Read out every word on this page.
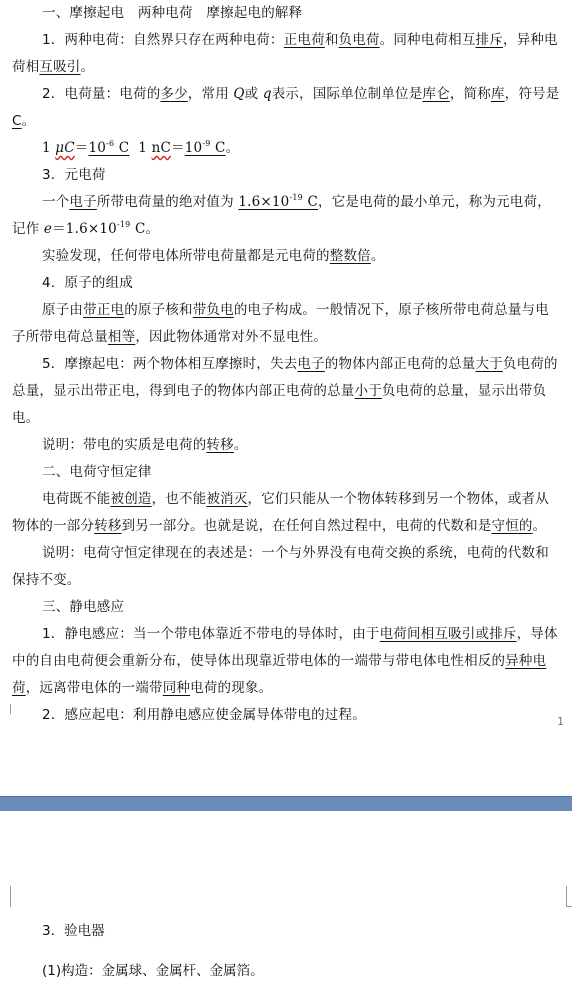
一、摩擦起电　两种电荷　摩擦起电的解释

1．两种电荷：自然界只存在两种电荷：正电荷和负电荷。同种电荷相互排斥，异种电

荷相互吸引。

2．电荷量：电荷的多少，常用 Q或 q表示，国际单位制单位是库仑，简称库，符号是

C。

1 $\mu C=10^{-6}$ C  1 $nC=10^{-9}$ C。

3．元电荷

一个电子所带电荷量的绝对值为 $1.6\times 10^{-19}$ C，它是电荷的最小单元，称为元电荷，

记作 $e=1.6\times 10^{-19}$ C。

实验发现，任何带电体所带电荷量都是元电荷的整数倍。

4．原子的组成

原子由带正电的原子核和带负电的电子构成。一般情况下，原子核所带电荷总量与电

子所带电荷总量相等，因此物体通常对外不显电性。

5．摩擦起电：两个物体相互摩擦时，失去电子的物体内部正电荷的总量大于负电荷的

总量，显示出带正电，得到电子的物体内部正电荷的总量小于负电荷的总量，显示出带负电。

说明：带电的实质是电荷的转移。

二、电荷守恒定律

电荷既不能被创造，也不能被消灭，它们只能从一个物体转移到另一个物体，或者从

物体的一部分转移到另一部分。也就是说，在任何自然过程中，电荷的代数和是守恒的。

说明：电荷守恒定律现在的表述是：一个与外界没有电荷交换的系统，电荷的代数和

保持不变。

三、静电感应

1．静电感应：当一个带电体靠近不带电的导体时，由于电荷间相互吸引或排斥，导体

中的自由电荷便会重新分布，使导体出现靠近带电体的一端带与带电体电性相反的异种电

荷，远离带电体的一端带同种电荷的现象。

2．感应起电：利用静电感应使金属导体带电的过程。	1

3．验电器

(1)构造：金属球、金属杆、金属箔。
